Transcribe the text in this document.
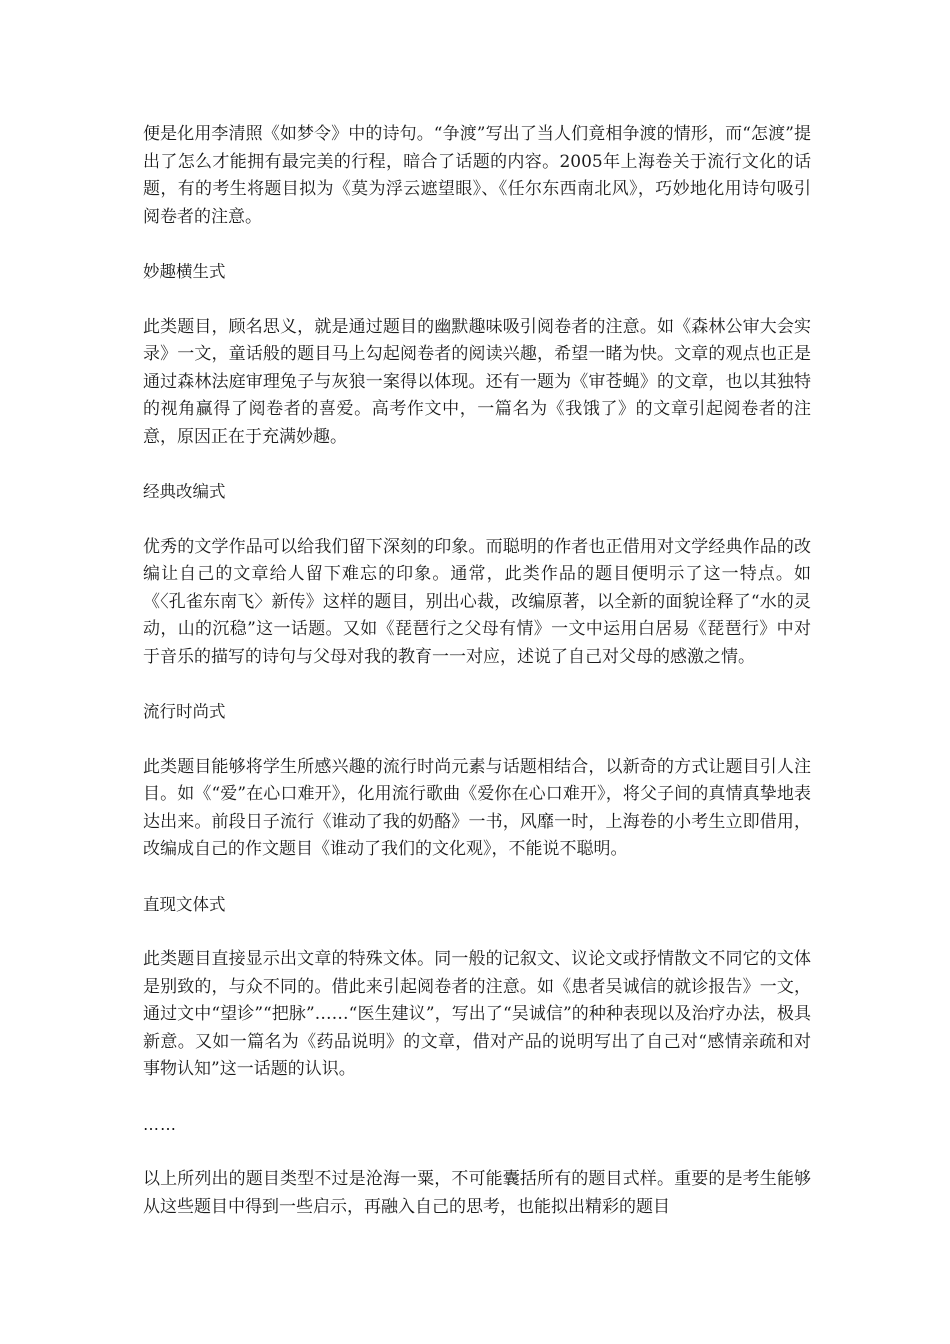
便是化用李清照《如梦令》中的诗句。“争渡”写出了当人们竟相争渡的情形，而“怎渡”提出了怎么才能拥有最完美的行程，暗合了话题的内容。2005年上海卷关于流行文化的话题，有的考生将题目拟为《莫为浮云遮望眼》、《任尔东西南北风》，巧妙地化用诗句吸引阅卷者的注意。

妙趣横生式

此类题目，顾名思义，就是通过题目的幽默趣味吸引阅卷者的注意。如《森林公审大会实录》一文，童话般的题目马上勾起阅卷者的阅读兴趣，希望一睹为快。文章的观点也正是通过森林法庭审理兔子与灰狼一案得以体现。还有一题为《审苍蝇》的文章，也以其独特的视角赢得了阅卷者的喜爱。高考作文中，一篇名为《我饿了》的文章引起阅卷者的注意，原因正在于充满妙趣。

经典改编式

优秀的文学作品可以给我们留下深刻的印象。而聪明的作者也正借用对文学经典作品的改编让自己的文章给人留下难忘的印象。通常，此类作品的题目便明示了这一特点。如《〈孔雀东南飞〉新传》这样的题目，别出心裁，改编原著，以全新的面貌诠释了“水的灵动，山的沉稳”这一话题。又如《琵琶行之父母有情》一文中运用白居易《琵琶行》中对于音乐的描写的诗句与父母对我的教育一一对应，述说了自己对父母的感激之情。

流行时尚式

此类题目能够将学生所感兴趣的流行时尚元素与话题相结合，以新奇的方式让题目引人注目。如《“爱”在心口难开》，化用流行歌曲《爱你在心口难开》，将父子间的真情真挚地表达出来。前段日子流行《谁动了我的奶酪》一书，风靡一时，上海卷的小考生立即借用，改编成自己的作文题目《谁动了我们的文化观》，不能说不聪明。

直现文体式

此类题目直接显示出文章的特殊文体。同一般的记叙文、议论文或抒情散文不同它的文体是别致的，与众不同的。借此来引起阅卷者的注意。如《患者吴诚信的就诊报告》一文，通过文中“望诊”“把脉”……“医生建议”，写出了“吴诚信”的种种表现以及治疗办法，极具新意。又如一篇名为《药品说明》的文章，借对产品的说明写出了自己对“感情亲疏和对事物认知”这一话题的认识。

……

以上所列出的题目类型不过是沧海一粟，不可能囊括所有的题目式样。重要的是考生能够从这些题目中得到一些启示，再融入自己的思考，也能拟出精彩的题目
